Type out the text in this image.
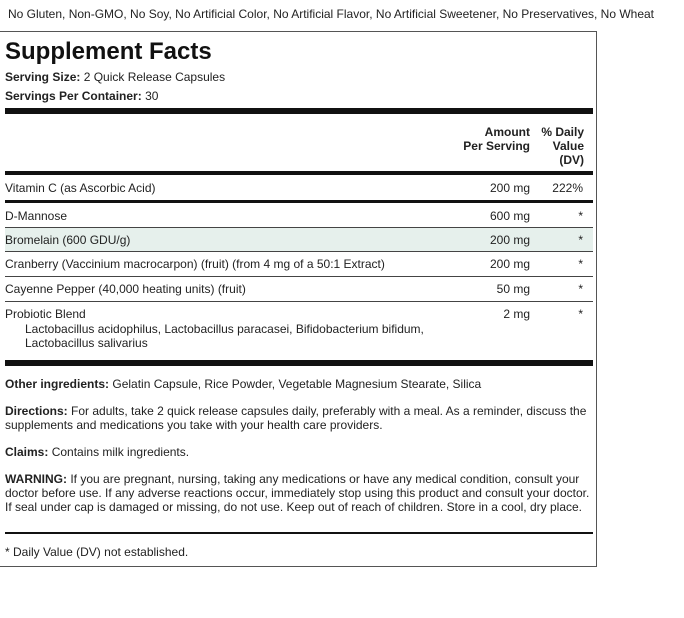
No Gluten, Non-GMO, No Soy, No Artificial Color, No Artificial Flavor, No Artificial Sweetener, No Preservatives, No Wheat
Supplement Facts
Serving Size: 2 Quick Release Capsules
Servings Per Container: 30
Amount
Per Serving
% Daily
Value
(DV)
Vitamin C (as Ascorbic Acid)	200 mg 222%
D-Mannose	600 mg	*
Bromelain (600 GDU/g)	200 mg	*
Cranberry (Vaccinium macrocarpon) (fruit) (from 4 mg of a 50:1 Extract)	200 mg	*
Cayenne Pepper (40,000 heating units) (fruit)	50 mg	*
Probiotic Blend	2 mg	*
Lactobacillus acidophilus, Lactobacillus paracasei, Bifidobacterium bifidum, Lactobacillus salivarius
Other ingredients: Gelatin Capsule, Rice Powder, Vegetable Magnesium Stearate, Silica
Directions: For adults, take 2 quick release capsules daily, preferably with a meal. As a reminder, discuss the supplements and medications you take with your health care providers.
Claims: Contains milk ingredients.
WARNING: If you are pregnant, nursing, taking any medications or have any medical condition, consult your doctor before use. If any adverse reactions occur, immediately stop using this product and consult your doctor. If seal under cap is damaged or missing, do not use. Keep out of reach of children. Store in a cool, dry place.
* Daily Value (DV) not established.
